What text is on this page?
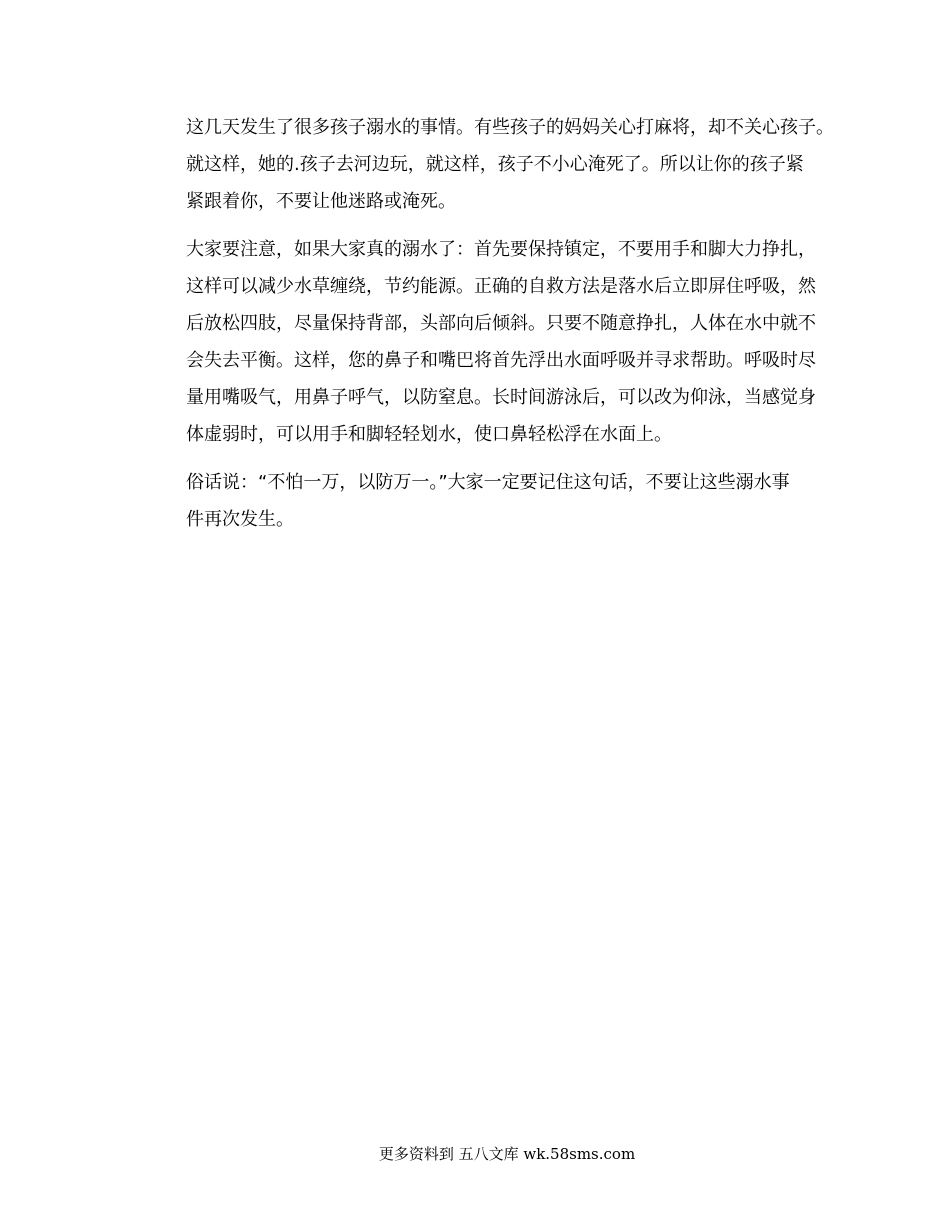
这几天发生了很多孩子溺水的事情。有些孩子的妈妈关心打麻将，却不关心孩子。
就这样，她的.孩子去河边玩，就这样，孩子不小心淹死了。所以让你的孩子紧
紧跟着你，不要让他迷路或淹死。

大家要注意，如果大家真的溺水了：首先要保持镇定，不要用手和脚大力挣扎，
这样可以减少水草缠绕，节约能源。正确的自救方法是落水后立即屏住呼吸，然
后放松四肢，尽量保持背部，头部向后倾斜。只要不随意挣扎，人体在水中就不
会失去平衡。这样，您的鼻子和嘴巴将首先浮出水面呼吸并寻求帮助。呼吸时尽
量用嘴吸气，用鼻子呼气，以防窒息。长时间游泳后，可以改为仰泳，当感觉身
体虚弱时，可以用手和脚轻轻划水，使口鼻轻松浮在水面上。

俗话说：“不怕一万，以防万一。”大家一定要记住这句话，不要让这些溺水事
件再次发生。

更多资料到 五八文库 wk.58sms.com
